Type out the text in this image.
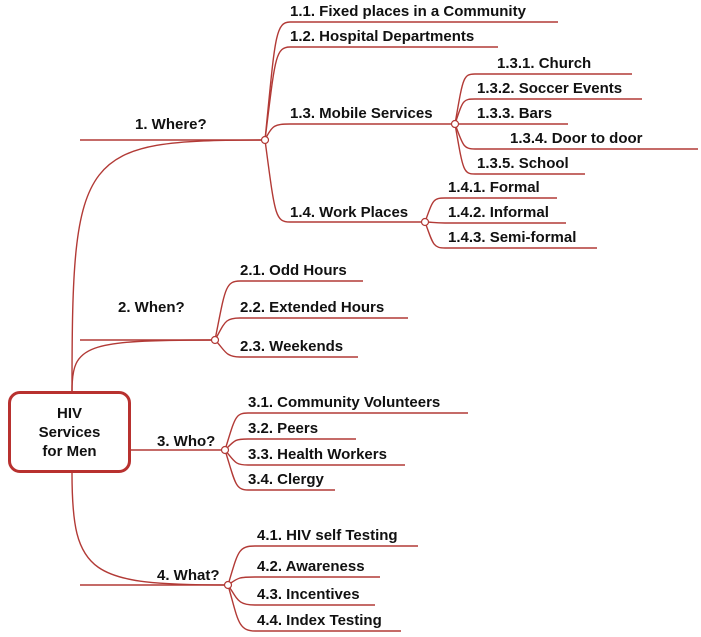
HIV
Services
for Men
1. Where?
2. When?
3. Who?
4. What?
1.1. Fixed places in a Community
1.2. Hospital Departments
1.3. Mobile Services
1.4. Work Places
1.3.1. Church
1.3.2. Soccer Events
1.3.3. Bars
1.3.4. Door to door
1.3.5. School
1.4.1. Formal
1.4.2. Informal
1.4.3. Semi-formal
2.1. Odd Hours
2.2. Extended Hours
2.3. Weekends
3.1. Community Volunteers
3.2. Peers
3.3. Health Workers
3.4. Clergy
4.1. HIV self Testing
4.2. Awareness
4.3. Incentives
4.4. Index Testing
